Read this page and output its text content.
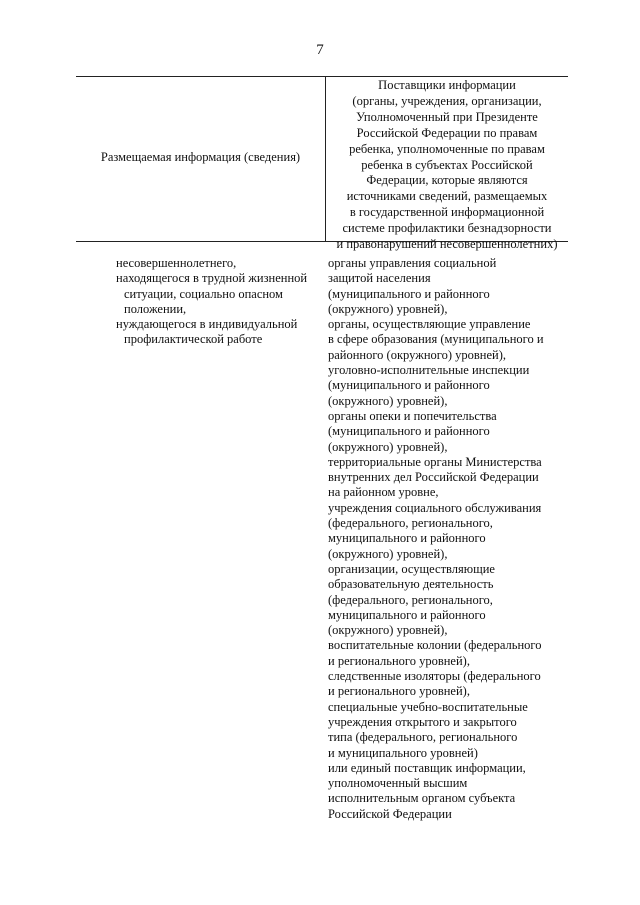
7
Размещаемая информация (сведения)
Поставщики информации
(органы, учреждения, организации,
Уполномоченный при Президенте
Российской Федерации по правам
ребенка, уполномоченные по правам
ребенка в субъектах Российской
Федерации, которые являются
источниками сведений, размещаемых
в государственной информационной
системе профилактики безнадзорности
и правонарушений несовершеннолетних)
несовершеннолетнего,
находящегося в трудной жизненной
ситуации, социально опасном
положении,
нуждающегося в индивидуальной
профилактической работе
органы управления социальной
защитой населения
(муниципального и районного
(окружного) уровней),
органы, осуществляющие управление
в сфере образования (муниципального и
районного (окружного) уровней),
уголовно-исполнительные инспекции
(муниципального и районного
(окружного) уровней),
органы опеки и попечительства
(муниципального и районного
(окружного) уровней),
территориальные органы Министерства
внутренних дел Российской Федерации
на районном уровне,
учреждения социального обслуживания
(федерального, регионального,
муниципального и районного
(окружного) уровней),
организации, осуществляющие
образовательную деятельность
(федерального, регионального,
муниципального и районного
(окружного) уровней),
воспитательные колонии (федерального
и регионального уровней),
следственные изоляторы (федерального
и регионального уровней),
специальные учебно-воспитательные
учреждения открытого и закрытого
типа (федерального, регионального
и муниципального уровней)
или единый поставщик информации,
уполномоченный высшим
исполнительным органом субъекта
Российской Федерации
